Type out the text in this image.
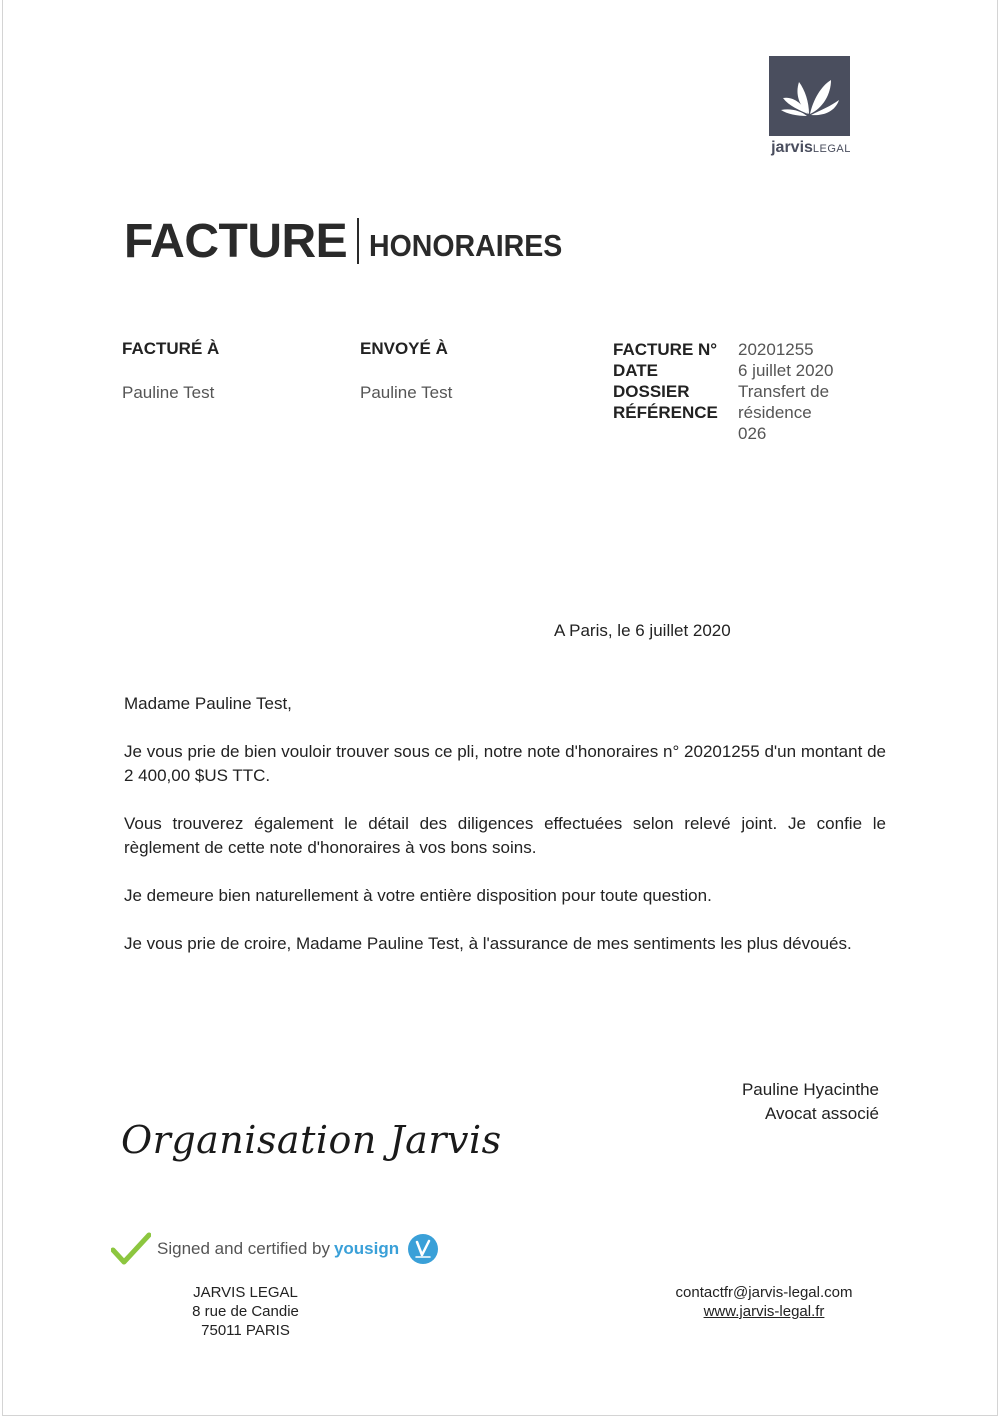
jarvisLEGAL
FACTURE HONORAIRES
FACTURÉ À
Pauline Test
ENVOYÉ À
Pauline Test
FACTURE N°
DATE
DOSSIER
RÉFÉRENCE
20201255
6 juillet 2020
Transfert de
résidence
026
A Paris, le 6 juillet 2020

Madame Pauline Test,

Je vous prie de bien vouloir trouver sous ce pli, notre note d'honoraires n° 20201255 d'un montant de 2 400,00 $US TTC.

Vous trouverez également le détail des diligences effectuées selon relevé joint. Je confie le règlement de cette note d'honoraires à vos bons soins.

Je demeure bien naturellement à votre entière disposition pour toute question.

Je vous prie de croire, Madame Pauline Test, à l'assurance de mes sentiments les plus dévoués.

Pauline Hyacinthe
Avocat associé
Organisation Jarvis
Signed and certified by yousign
JARVIS LEGAL
8 rue de Candie
75011 PARIS
contactfr@jarvis-legal.com
www.jarvis-legal.fr
